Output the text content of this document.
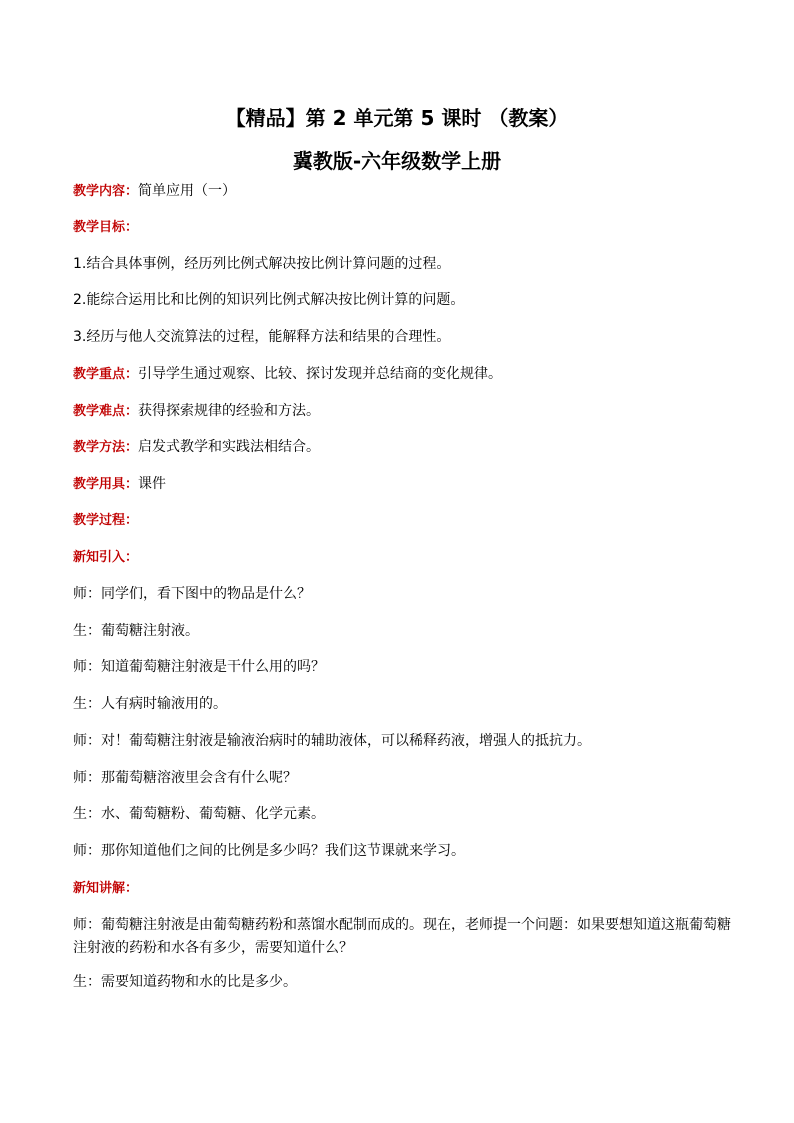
【精品】第 2 单元第 5 课时 （教案）
冀教版-六年级数学上册
教学内容：简单应用（一）
教学目标：
1.结合具体事例，经历列比例式解决按比例计算问题的过程。
2.能综合运用比和比例的知识列比例式解决按比例计算的问题。
3.经历与他人交流算法的过程，能解释方法和结果的合理性。
教学重点：引导学生通过观察、比较、探讨发现并总结商的变化规律。
教学难点：获得探索规律的经验和方法。
教学方法：启发式教学和实践法相结合。
教学用具：课件
教学过程：
新知引入：
师：同学们，看下图中的物品是什么？
生：葡萄糖注射液。
师：知道葡萄糖注射液是干什么用的吗？
生：人有病时输液用的。
师：对！葡萄糖注射液是输液治病时的辅助液体，可以稀释药液，增强人的抵抗力。
师：那葡萄糖溶液里会含有什么呢？
生：水、葡萄糖粉、葡萄糖、化学元素。
师：那你知道他们之间的比例是多少吗？我们这节课就来学习。
新知讲解：
师：葡萄糖注射液是由葡萄糖药粉和蒸馏水配制而成的。现在，老师提一个问题：如果要想知道这瓶葡萄糖注射液的药粉和水各有多少，需要知道什么？
生：需要知道药物和水的比是多少。
